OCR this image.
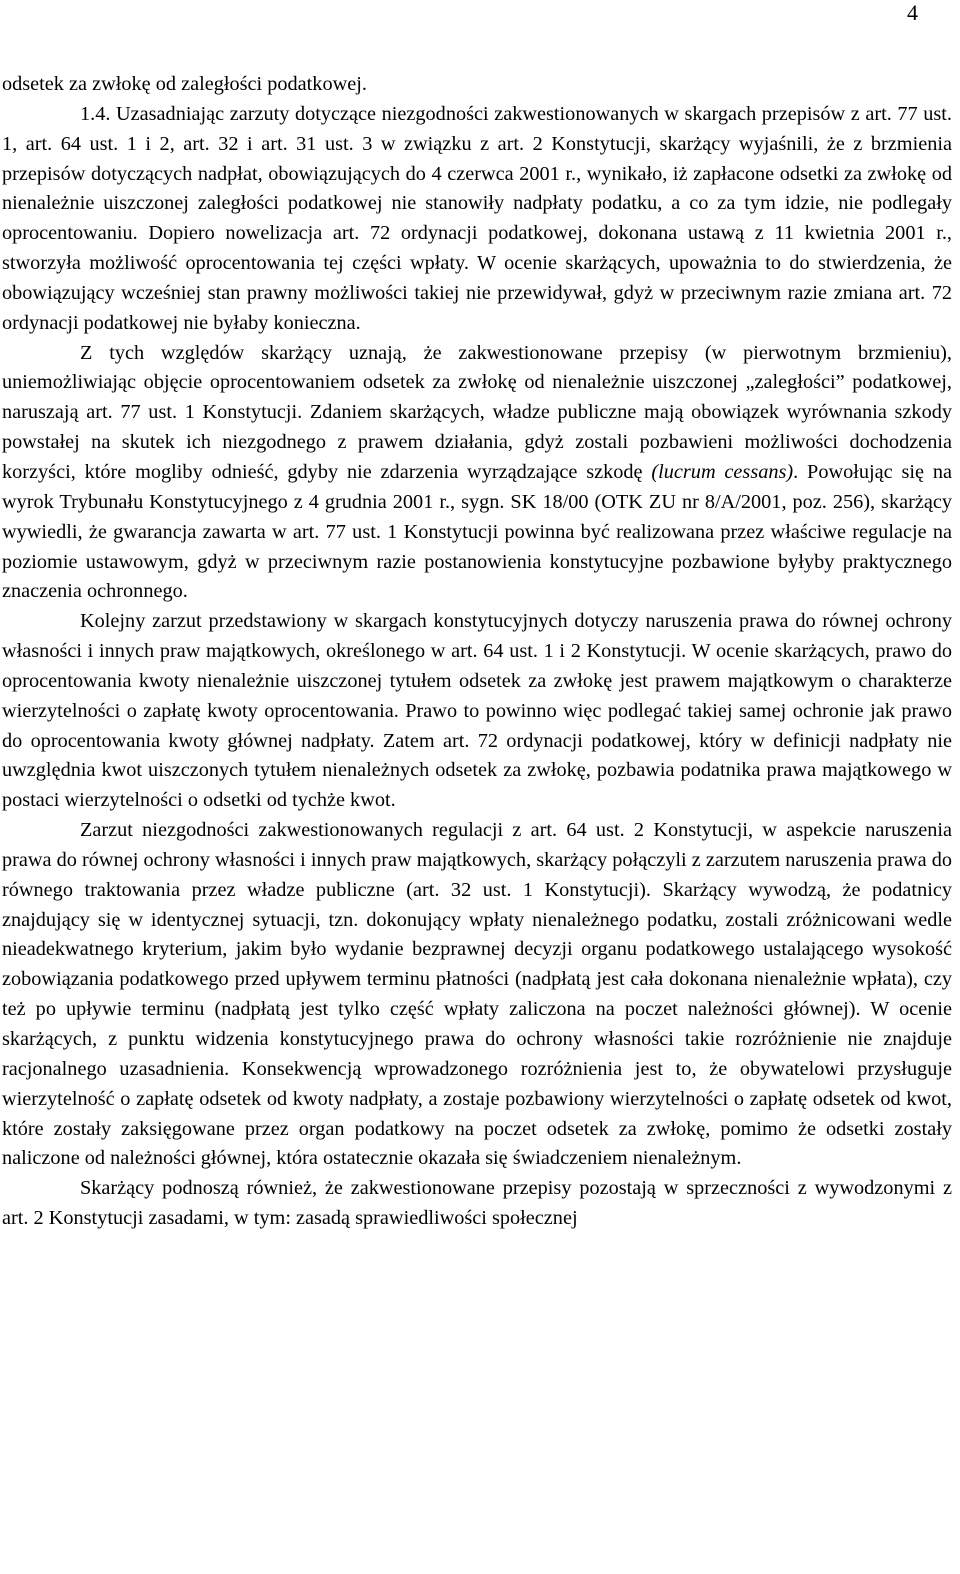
4

odsetek za zwłokę od zaległości podatkowej.

1.4. Uzasadniając zarzuty dotyczące niezgodności zakwestionowanych w skargach przepisów z art. 77 ust. 1, art. 64 ust. 1 i 2, art. 32 i art. 31 ust. 3 w związku z art. 2 Konstytucji, skarżący wyjaśnili, że z brzmienia przepisów dotyczących nadpłat, obowiązujących do 4 czerwca 2001 r., wynikało, iż zapłacone odsetki za zwłokę od nienależnie uiszczonej zaległości podatkowej nie stanowiły nadpłaty podatku, a co za tym idzie, nie podlegały oprocentowaniu. Dopiero nowelizacja art. 72 ordynacji podatkowej, dokonana ustawą z 11 kwietnia 2001 r., stworzyła możliwość oprocentowania tej części wpłaty. W ocenie skarżących, upoważnia to do stwierdzenia, że obowiązujący wcześniej stan prawny możliwości takiej nie przewidywał, gdyż w przeciwnym razie zmiana art. 72 ordynacji podatkowej nie byłaby konieczna.

Z tych względów skarżący uznają, że zakwestionowane przepisy (w pierwotnym brzmieniu), uniemożliwiając objęcie oprocentowaniem odsetek za zwłokę od nienależnie uiszczonej „zaległości” podatkowej, naruszają art. 77 ust. 1 Konstytucji. Zdaniem skarżących, władze publiczne mają obowiązek wyrównania szkody powstałej na skutek ich niezgodnego z prawem działania, gdyż zostali pozbawieni możliwości dochodzenia korzyści, które mogliby odnieść, gdyby nie zdarzenia wyrządzające szkodę (lucrum cessans). Powołując się na wyrok Trybunału Konstytucyjnego z 4 grudnia 2001 r., sygn. SK 18/00 (OTK ZU nr 8/A/2001, poz. 256), skarżący wywiedli, że gwarancja zawarta w art. 77 ust. 1 Konstytucji powinna być realizowana przez właściwe regulacje na poziomie ustawowym, gdyż w przeciwnym razie postanowienia konstytucyjne pozbawione byłyby praktycznego znaczenia ochronnego.

Kolejny zarzut przedstawiony w skargach konstytucyjnych dotyczy naruszenia prawa do równej ochrony własności i innych praw majątkowych, określonego w art. 64 ust. 1 i 2 Konstytucji. W ocenie skarżących, prawo do oprocentowania kwoty nienależnie uiszczonej tytułem odsetek za zwłokę jest prawem majątkowym o charakterze wierzytelności o zapłatę kwoty oprocentowania. Prawo to powinno więc podlegać takiej samej ochronie jak prawo do oprocentowania kwoty głównej nadpłaty. Zatem art. 72 ordynacji podatkowej, który w definicji nadpłaty nie uwzględnia kwot uiszczonych tytułem nienależnych odsetek za zwłokę, pozbawia podatnika prawa majątkowego w postaci wierzytelności o odsetki od tychże kwot.

Zarzut niezgodności zakwestionowanych regulacji z art. 64 ust. 2 Konstytucji, w aspekcie naruszenia prawa do równej ochrony własności i innych praw majątkowych, skarżący połączyli z zarzutem naruszenia prawa do równego traktowania przez władze publiczne (art. 32 ust. 1 Konstytucji). Skarżący wywodzą, że podatnicy znajdujący się w identycznej sytuacji, tzn. dokonujący wpłaty nienależnego podatku, zostali zróżnicowani wedle nieadekwatnego kryterium, jakim było wydanie bezprawnej decyzji organu podatkowego ustalającego wysokość zobowiązania podatkowego przed upływem terminu płatności (nadpłatą jest cała dokonana nienależnie wpłata), czy też po upływie terminu (nadpłatą jest tylko część wpłaty zaliczona na poczet należności głównej). W ocenie skarżących, z punktu widzenia konstytucyjnego prawa do ochrony własności takie rozróżnienie nie znajduje racjonalnego uzasadnienia. Konsekwencją wprowadzonego rozróżnienia jest to, że obywatelowi przysługuje wierzytelność o zapłatę odsetek od kwoty nadpłaty, a zostaje pozbawiony wierzytelności o zapłatę odsetek od kwot, które zostały zaksięgowane przez organ podatkowy na poczet odsetek za zwłokę, pomimo że odsetki zostały naliczone od należności głównej, która ostatecznie okazała się świadczeniem nienależnym.

Skarżący podnoszą również, że zakwestionowane przepisy pozostają w sprzeczności z wywodzonymi z art. 2 Konstytucji zasadami, w tym: zasadą sprawiedliwości społecznej
